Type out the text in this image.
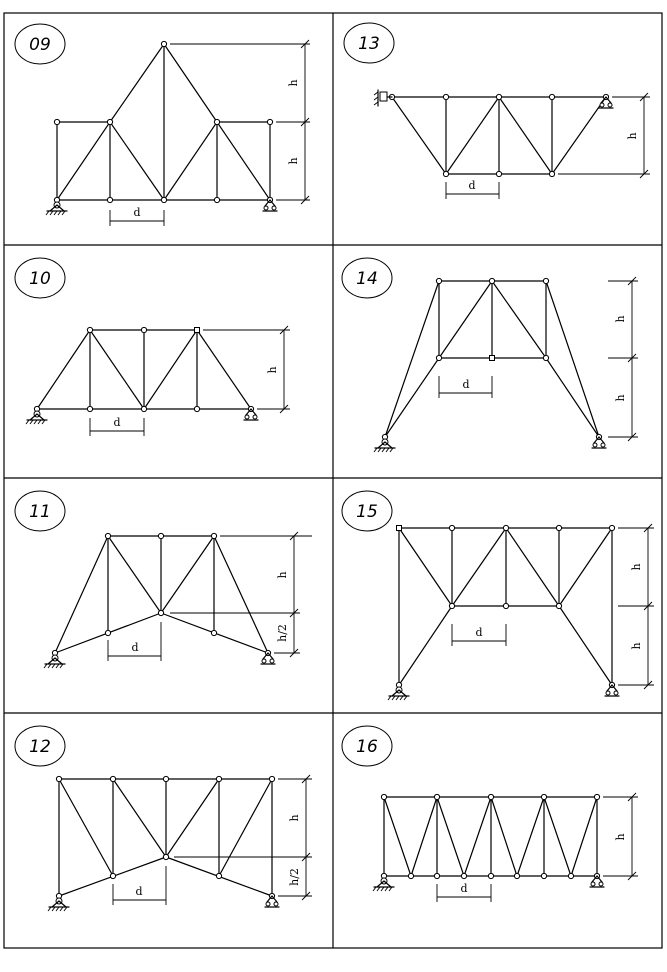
09
d
h
h
13
d
h
10
d
h
14
d
h
h
11
d
h
h/2
15
d
h
h
12
d
h
h/2
16
d
h
